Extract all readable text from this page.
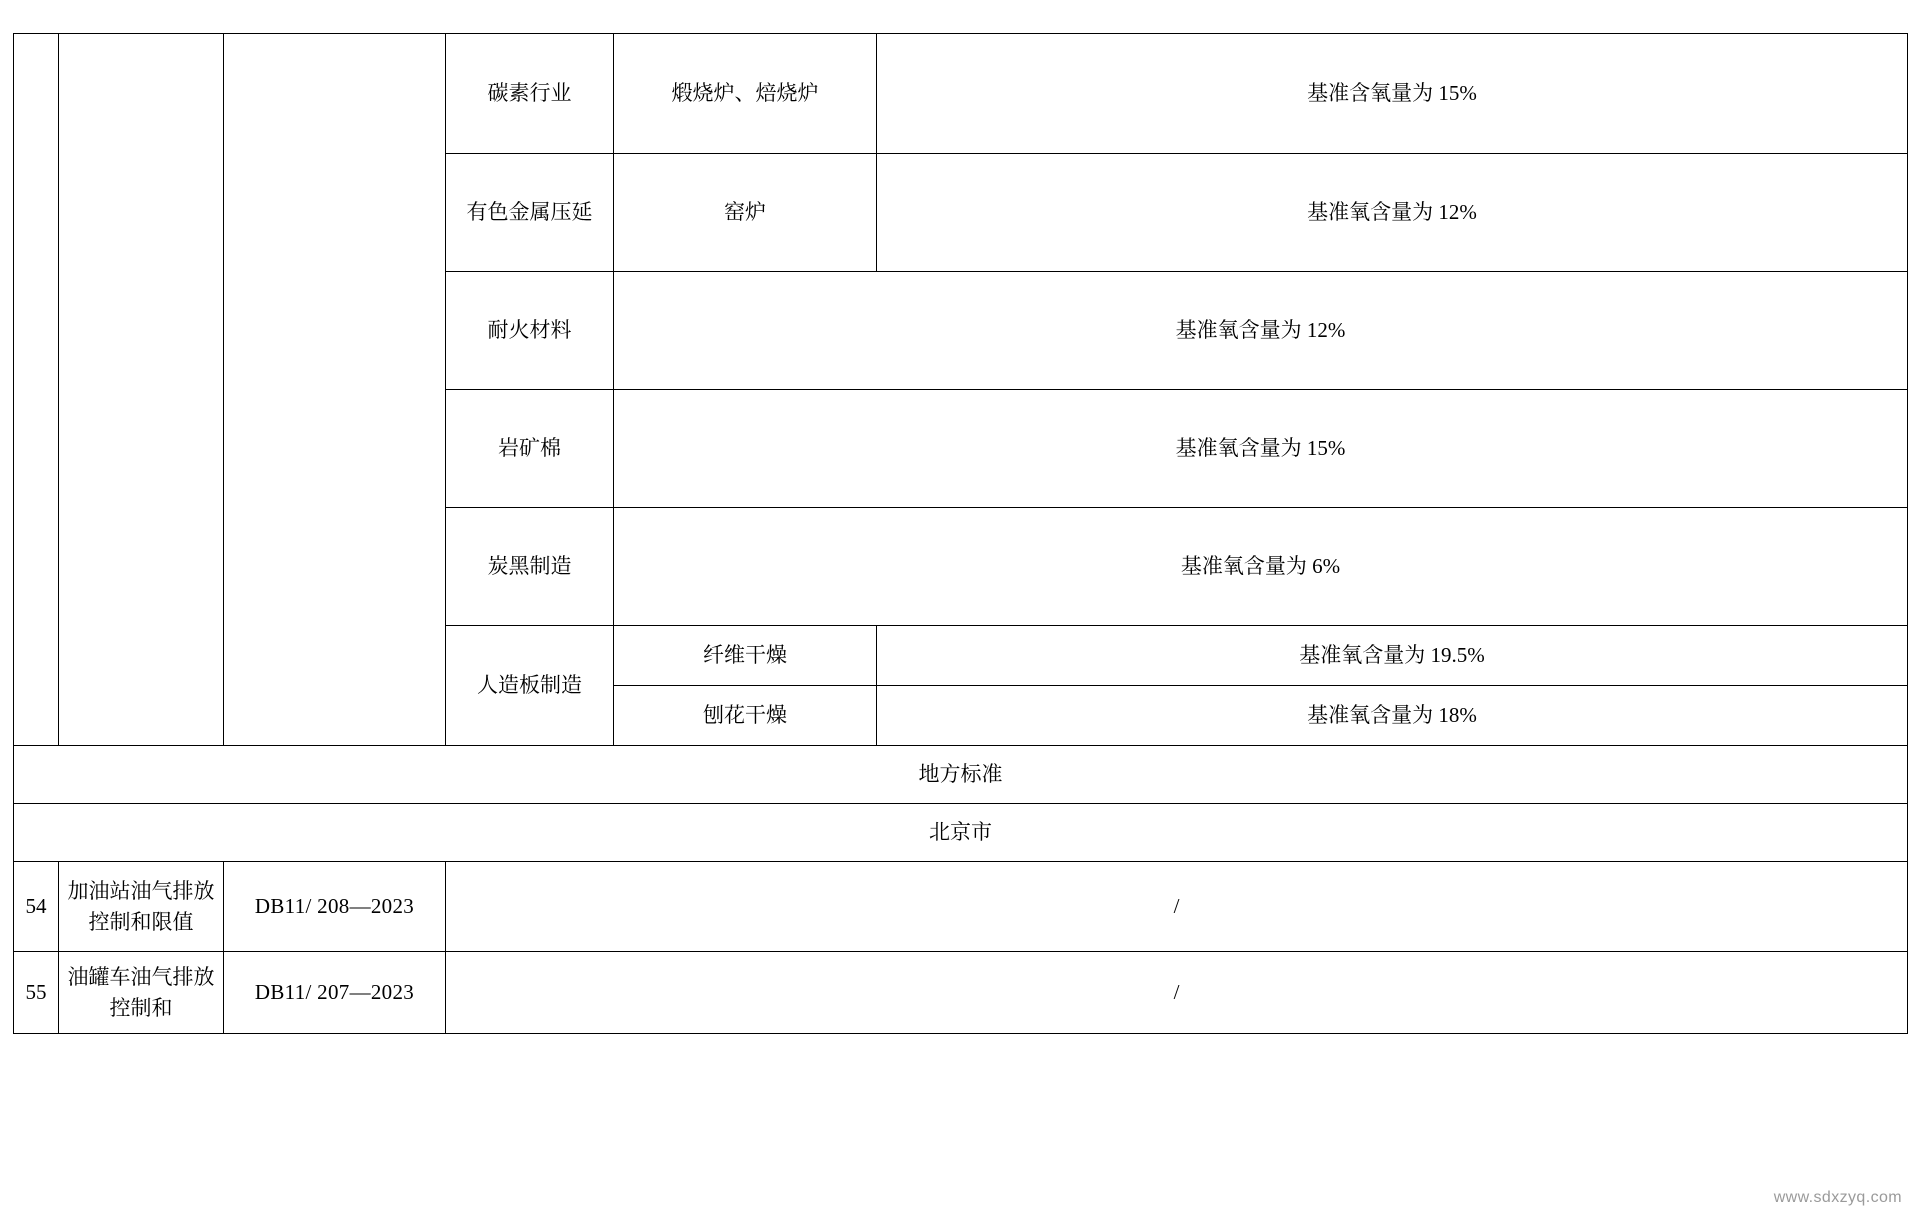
			碳素行业	煅烧炉、焙烧炉	基准含氧量为 15%
			有色金属压延	窑炉	基准氧含量为 12%
			耐火材料	基准氧含量为 12%	
			岩矿棉	基准氧含量为 15%	
			炭黑制造	基准氧含量为 6%	
			人造板制造	纤维干燥	基准氧含量为 19.5%
				刨花干燥	基准氧含量为 18%
地方标准					
北京市					
54	加油站油气排放控制和限值	DB11/ 208—2023	/		
55	油罐车油气排放控制和	DB11/ 207—2023	/		
www.sdxzyq.com
